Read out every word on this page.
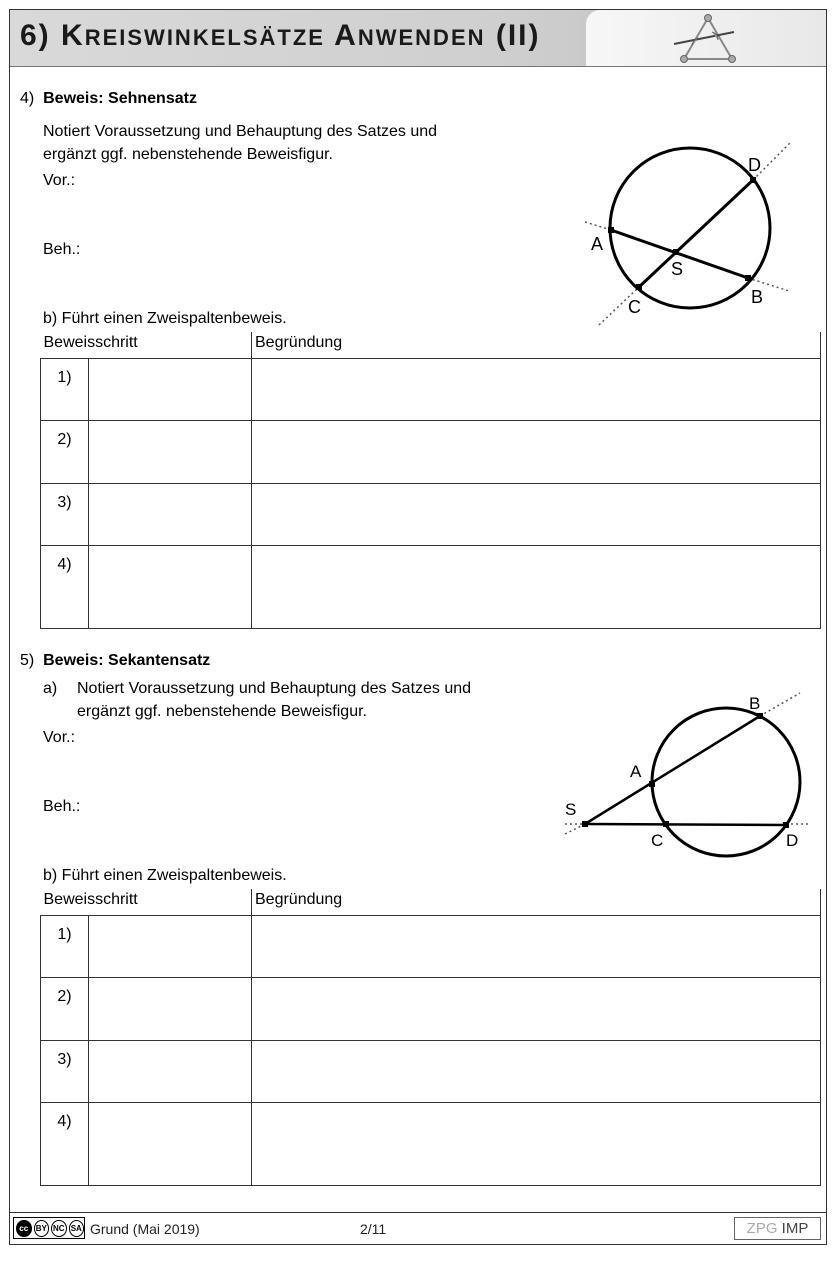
6) KREISWINKELSÄTZE ANWENDEN (II)
4) Beweis: Sehnensatz
Notiert Voraussetzung und Behauptung des Satzes und
ergänzt ggf. nebenstehende Beweisfigur.
Vor.:
Beh.:
b) Führt einen Zweispaltenbeweis.
A
B
C
D
S
Beweisschritt		Begründung
1)		
2)		
3)		
4)		
5) Beweis: Sekantensatz
a) Notiert Voraussetzung und Behauptung des Satzes und
ergänzt ggf. nebenstehende Beweisfigur.
Vor.:
Beh.:
b) Führt einen Zweispaltenbeweis.
S
A
B
C	D
Beweisschritt		Begründung
1)		
2)		
3)		
4)		
cc BY NC SA Grund (Mai 2019)	2/11	ZPG IMP
